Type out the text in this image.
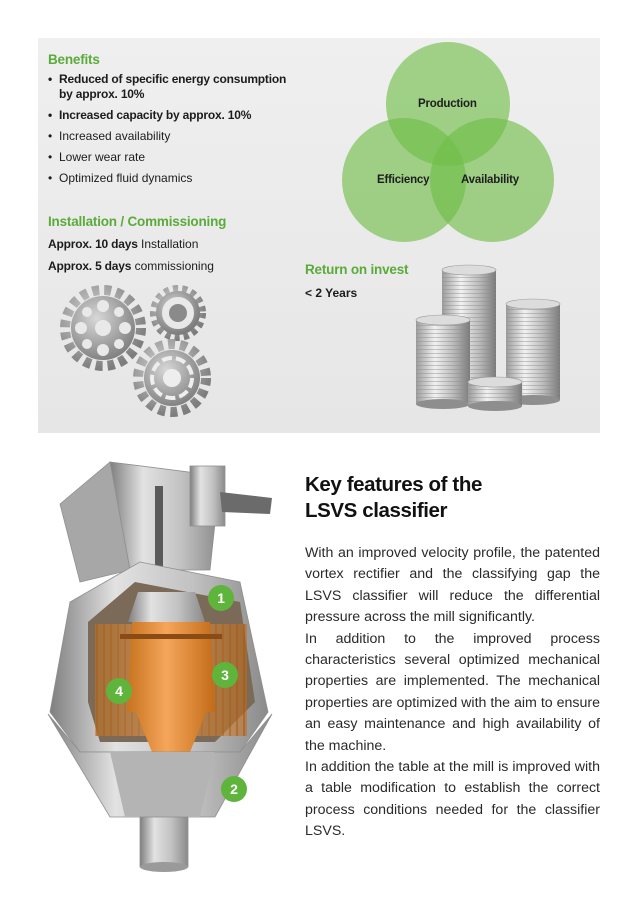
Benefits
• Reduced of specific energy consumption by approx. 10%
• Increased capacity by approx. 10%
• Increased availability
• Lower wear rate
• Optimized fluid dynamics
Installation / Commissioning
Approx. 10 days Installation
Approx. 5 days commissioning
Production
Efficiency	Availability
Return on invest
< 2 Years
1
3
4
2
Key features of the
LSVS classifier

With an improved velocity profile, the patented vortex rectifier and the classifying gap the LSVS classifier will reduce the differential pressure across the mill significantly.

In addition to the improved process characteristics several optimized mechanical properties are implemented. The mechanical properties are optimized with the aim to ensure an easy maintenance and high availability of the machine.

In addition the table at the mill is improved with a table modification to establish the correct process conditions needed for the classifier LSVS.
